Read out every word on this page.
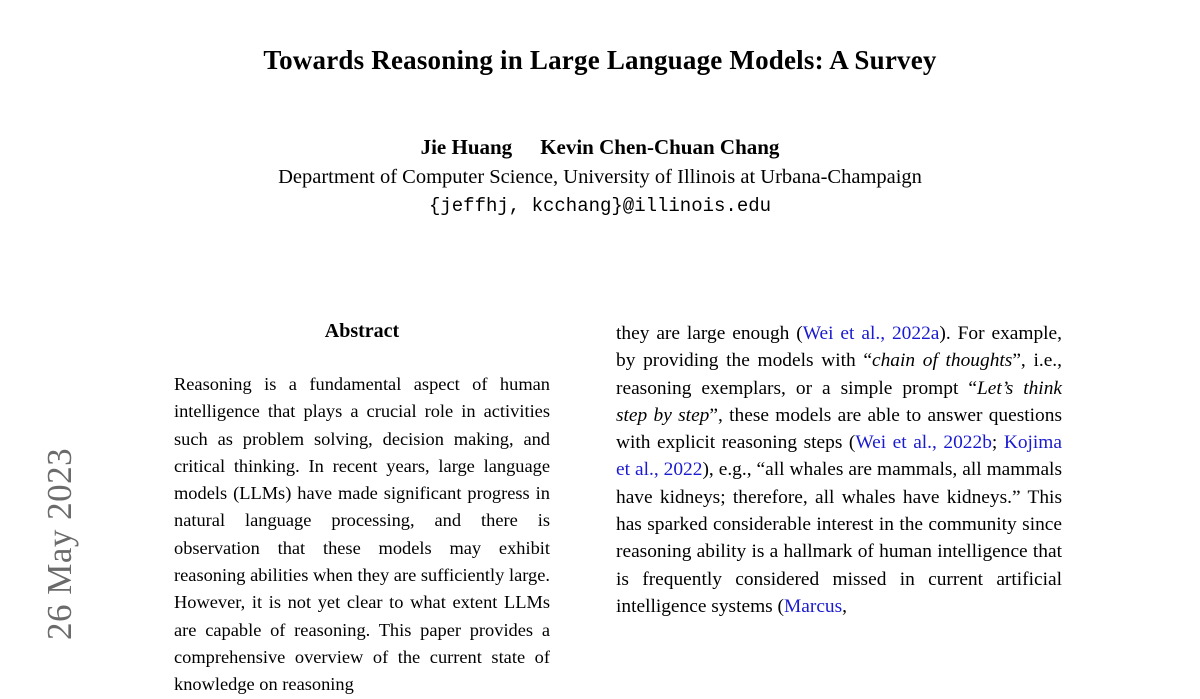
26 May 2023
Towards Reasoning in Large Language Models: A Survey
Jie Huang Kevin Chen-Chuan Chang
Department of Computer Science, University of Illinois at Urbana-Champaign
{jeffhj, kcchang}@illinois.edu
Abstract
Reasoning is a fundamental aspect of human intelligence that plays a crucial role in activities such as problem solving, decision making, and critical thinking. In recent years, large language models (LLMs) have made significant progress in natural language processing, and there is observation that these models may exhibit reasoning abilities when they are sufficiently large. However, it is not yet clear to what extent LLMs are capable of reasoning. This paper provides a comprehensive overview of the current state of knowledge on reasoning
they are large enough (Wei et al., 2022a). For example, by providing the models with “chain of thoughts”, i.e., reasoning exemplars, or a simple prompt “Let’s think step by step”, these models are able to answer questions with explicit reasoning steps (Wei et al., 2022b; Kojima et al., 2022), e.g., “all whales are mammals, all mammals have kidneys; therefore, all whales have kidneys.” This has sparked considerable interest in the community since reasoning ability is a hallmark of human intelligence that is frequently considered missed in current artificial intelligence systems (Marcus,
